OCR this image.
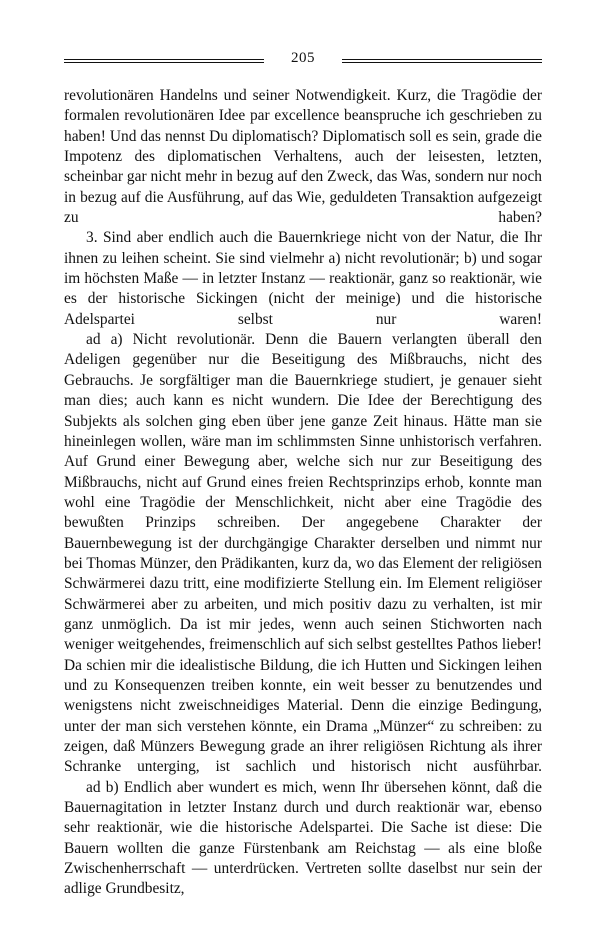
205

revolutionären Handelns und seiner Notwendigkeit. Kurz, die Tragödie der formalen revolutionären Idee par excellence beanspruche ich geschrieben zu haben! Und das nennst Du diplomatisch? Diplomatisch soll es sein, grade die Impotenz des diplomatischen Verhaltens, auch der leisesten, letzten, scheinbar gar nicht mehr in bezug auf den Zweck, das Was, sondern nur noch in bezug auf die Ausführung, auf das Wie, geduldeten Transaktion aufgezeigt zu haben?

3. Sind aber endlich auch die Bauernkriege nicht von der Natur, die Ihr ihnen zu leihen scheint. Sie sind vielmehr a) nicht revolutionär; b) und sogar im höchsten Maße — in letzter Instanz — reaktionär, ganz so reaktionär, wie es der historische Sickingen (nicht der meinige) und die historische Adelspartei selbst nur waren!

ad a) Nicht revolutionär. Denn die Bauern verlangten überall den Adeligen gegenüber nur die Beseitigung des Mißbrauchs, nicht des Gebrauchs. Je sorgfältiger man die Bauernkriege studiert, je genauer sieht man dies; auch kann es nicht wundern. Die Idee der Berechtigung des Subjekts als solchen ging eben über jene ganze Zeit hinaus. Hätte man sie hineinlegen wollen, wäre man im schlimmsten Sinne unhistorisch verfahren. Auf Grund einer Bewegung aber, welche sich nur zur Beseitigung des Mißbrauchs, nicht auf Grund eines freien Rechtsprinzips erhob, konnte man wohl eine Tragödie der Menschlichkeit, nicht aber eine Tragödie des bewußten Prinzips schreiben. Der angegebene Charakter der Bauernbewegung ist der durchgängige Charakter derselben und nimmt nur bei Thomas Münzer, den Prädikanten, kurz da, wo das Element der religiösen Schwärmerei dazu tritt, eine modifizierte Stellung ein. Im Element religiöser Schwärmerei aber zu arbeiten, und mich positiv dazu zu verhalten, ist mir ganz unmöglich. Da ist mir jedes, wenn auch seinen Stichworten nach weniger weitgehendes, freimenschlich auf sich selbst gestelltes Pathos lieber! Da schien mir die idealistische Bildung, die ich Hutten und Sickingen leihen und zu Konsequenzen treiben konnte, ein weit besser zu benutzendes und wenigstens nicht zweischneidiges Material. Denn die einzige Bedingung, unter der man sich verstehen könnte, ein Drama „Münzer“ zu schreiben: zu zeigen, daß Münzers Bewegung grade an ihrer religiösen Richtung als ihrer Schranke unterging, ist sachlich und historisch nicht ausführbar.

ad b) Endlich aber wundert es mich, wenn Ihr übersehen könnt, daß die Bauernagitation in letzter Instanz durch und durch reaktionär war, ebenso sehr reaktionär, wie die historische Adelspartei. Die Sache ist diese: Die Bauern wollten die ganze Fürstenbank am Reichstag — als eine bloße Zwischenherrschaft — unterdrücken. Vertreten sollte daselbst nur sein der adlige Grundbesitz,
